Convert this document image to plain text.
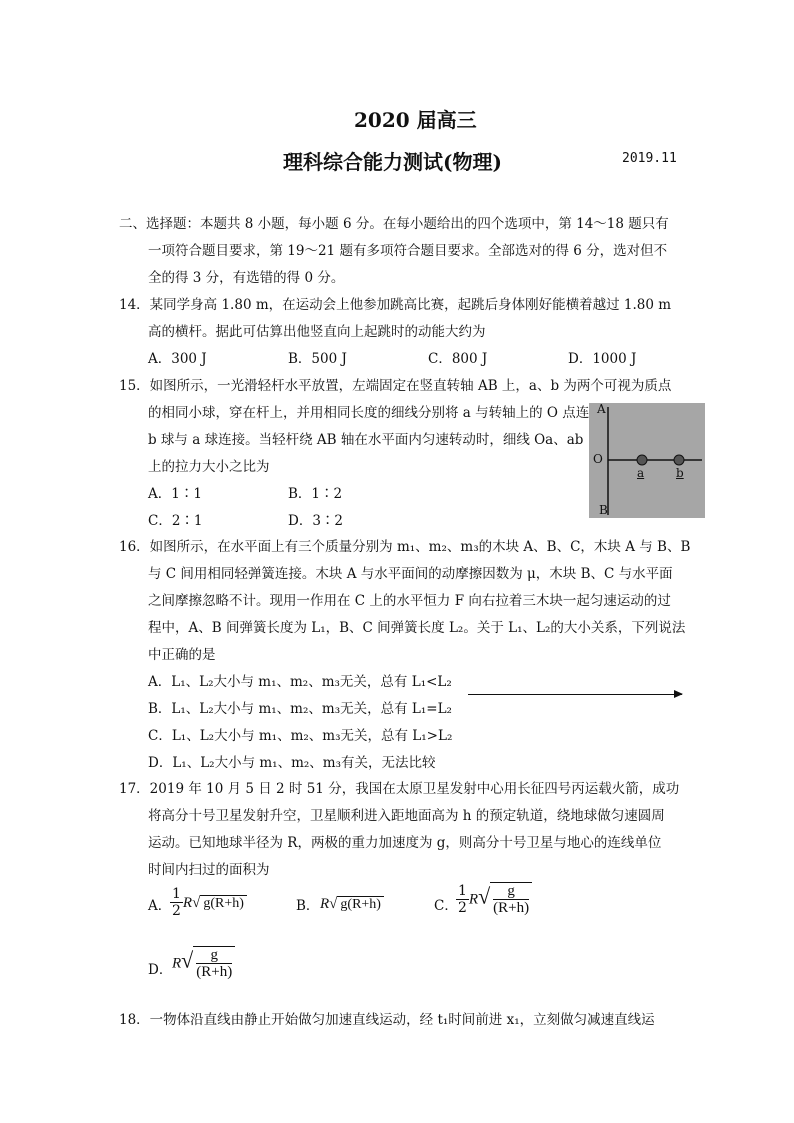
2020 届高三
理科综合能力测试(物理)	2019.11
二、选择题：本题共 8 小题，每小题 6 分。在每小题给出的四个选项中，第 14～18 题只有
一项符合题目要求，第 19～21 题有多项符合题目要求。全部选对的得 6 分，选对但不
全的得 3 分，有选错的得 0 分。
14．某同学身高 1.80 m，在运动会上他参加跳高比赛，起跳后身体刚好能横着越过 1.80 m
高的横杆。据此可估算出他竖直向上起跳时的动能大约为
A．300 J	B．500 J	C．800 J	D．1000 J
15．如图所示，一光滑轻杆水平放置，左端固定在竖直转轴 AB 上，a、b 为两个可视为质点
的相同小球，穿在杆上，并用相同长度的细线分别将 a 与转轴上的 O 点连
b 球与 a 球连接。当轻杆绕 AB 轴在水平面内匀速转动时，细线 Oa、ab
上的拉力大小之比为
A．1∶1	B．1∶2
C．2∶1	D．3∶2
A
O
B
a	b
16．如图所示，在水平面上有三个质量分别为 m₁、m₂、m₃的木块 A、B、C，木块 A 与 B、B
与 C 间用相同轻弹簧连接。木块 A 与水平面间的动摩擦因数为 μ，木块 B、C 与水平面
之间摩擦忽略不计。现用一作用在 C 上的水平恒力 F 向右拉着三木块一起匀速运动的过
程中，A、B 间弹簧长度为 L₁，B、C 间弹簧长度 L₂。关于 L₁、L₂的大小关系，下列说法
中正确的是
A．L₁、L₂大小与 m₁、m₂、m₃无关，总有 L₁<L₂
B．L₁、L₂大小与 m₁、m₂、m₃无关，总有 L₁=L₂
C．L₁、L₂大小与 m₁、m₂、m₃无关，总有 L₁>L₂
D．L₁、L₂大小与 m₁、m₂、m₃有关，无法比较
17．2019 年 10 月 5 日 2 时 51 分，我国在太原卫星发射中心用长征四号丙运载火箭，成功
将高分十号卫星发射升空，卫星顺利进入距地面高为 h 的预定轨道，绕地球做匀速圆周
运动。已知地球半径为 R，两极的重力加速度为 g，则高分十号卫星与地心的连线单位
时间内扫过的面积为
A．
$\frac{1}{2} R√$ g(R+h)	B． R√ g(R+h)	C．
$\frac{1}{2} R√ \frac{g}{(R+h)}$
D． $R√ \frac{g}{(R+h)}$
18．一物体沿直线由静止开始做匀加速直线运动，经 t₁时间前进 x₁，立刻做匀减速直线运
